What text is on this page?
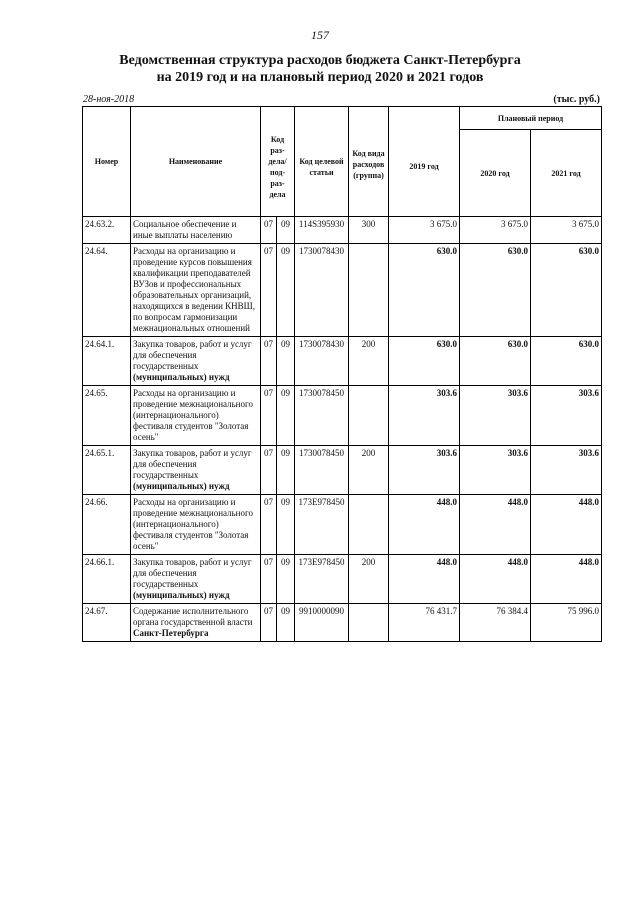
157
Ведомственная структура расходов бюджета Санкт-Петербурга
на 2019 год и на плановый период 2020 и 2021 годов
28-ноя-2018	(тыс. руб.)
Номер	Наименование	Код раз- дела/ под- раз- дела		Код целевой статьи	Код вида расходов (группа)	2019 год	Плановый период	
							2020 год	2021 год
24.63.2.	Социальное обеспечение и иные выплаты населению	07	09	114S395930	300	3 675.0	3 675.0	3 675.0
24.64.	Расходы на организацию и проведение курсов повышения квалификации преподавателей ВУЗов и профессиональных образовательных организаций, находящихся в ведении КНВШ, по вопросам гармонизации межнациональных отношений	07	09	1730078430		630.0	630.0	630.0
24.64.1.	Закупка товаров, работ и услуг для обеспечения государственных (муниципальных) нужд	07	09	1730078430	200	630.0	630.0	630.0
24.65.	Расходы на организацию и проведение межнационального (интернационального) фестиваля студентов "Золотая осень"	07	09	1730078450		303.6	303.6	303.6
24.65.1.	Закупка товаров, работ и услуг для обеспечения государственных (муниципальных) нужд	07	09	1730078450	200	303.6	303.6	303.6
24.66.	Расходы на организацию и проведение межнационального (интернационального) фестиваля студентов "Золотая осень"	07	09	173E978450		448.0	448.0	448.0
24.66.1.	Закупка товаров, работ и услуг для обеспечения государственных (муниципальных) нужд	07	09	173E978450	200	448.0	448.0	448.0
24.67.	Содержание исполнительного органа государственной власти Санкт-Петербурга	07	09	9910000090		76 431.7	76 384.4	75 996.0
